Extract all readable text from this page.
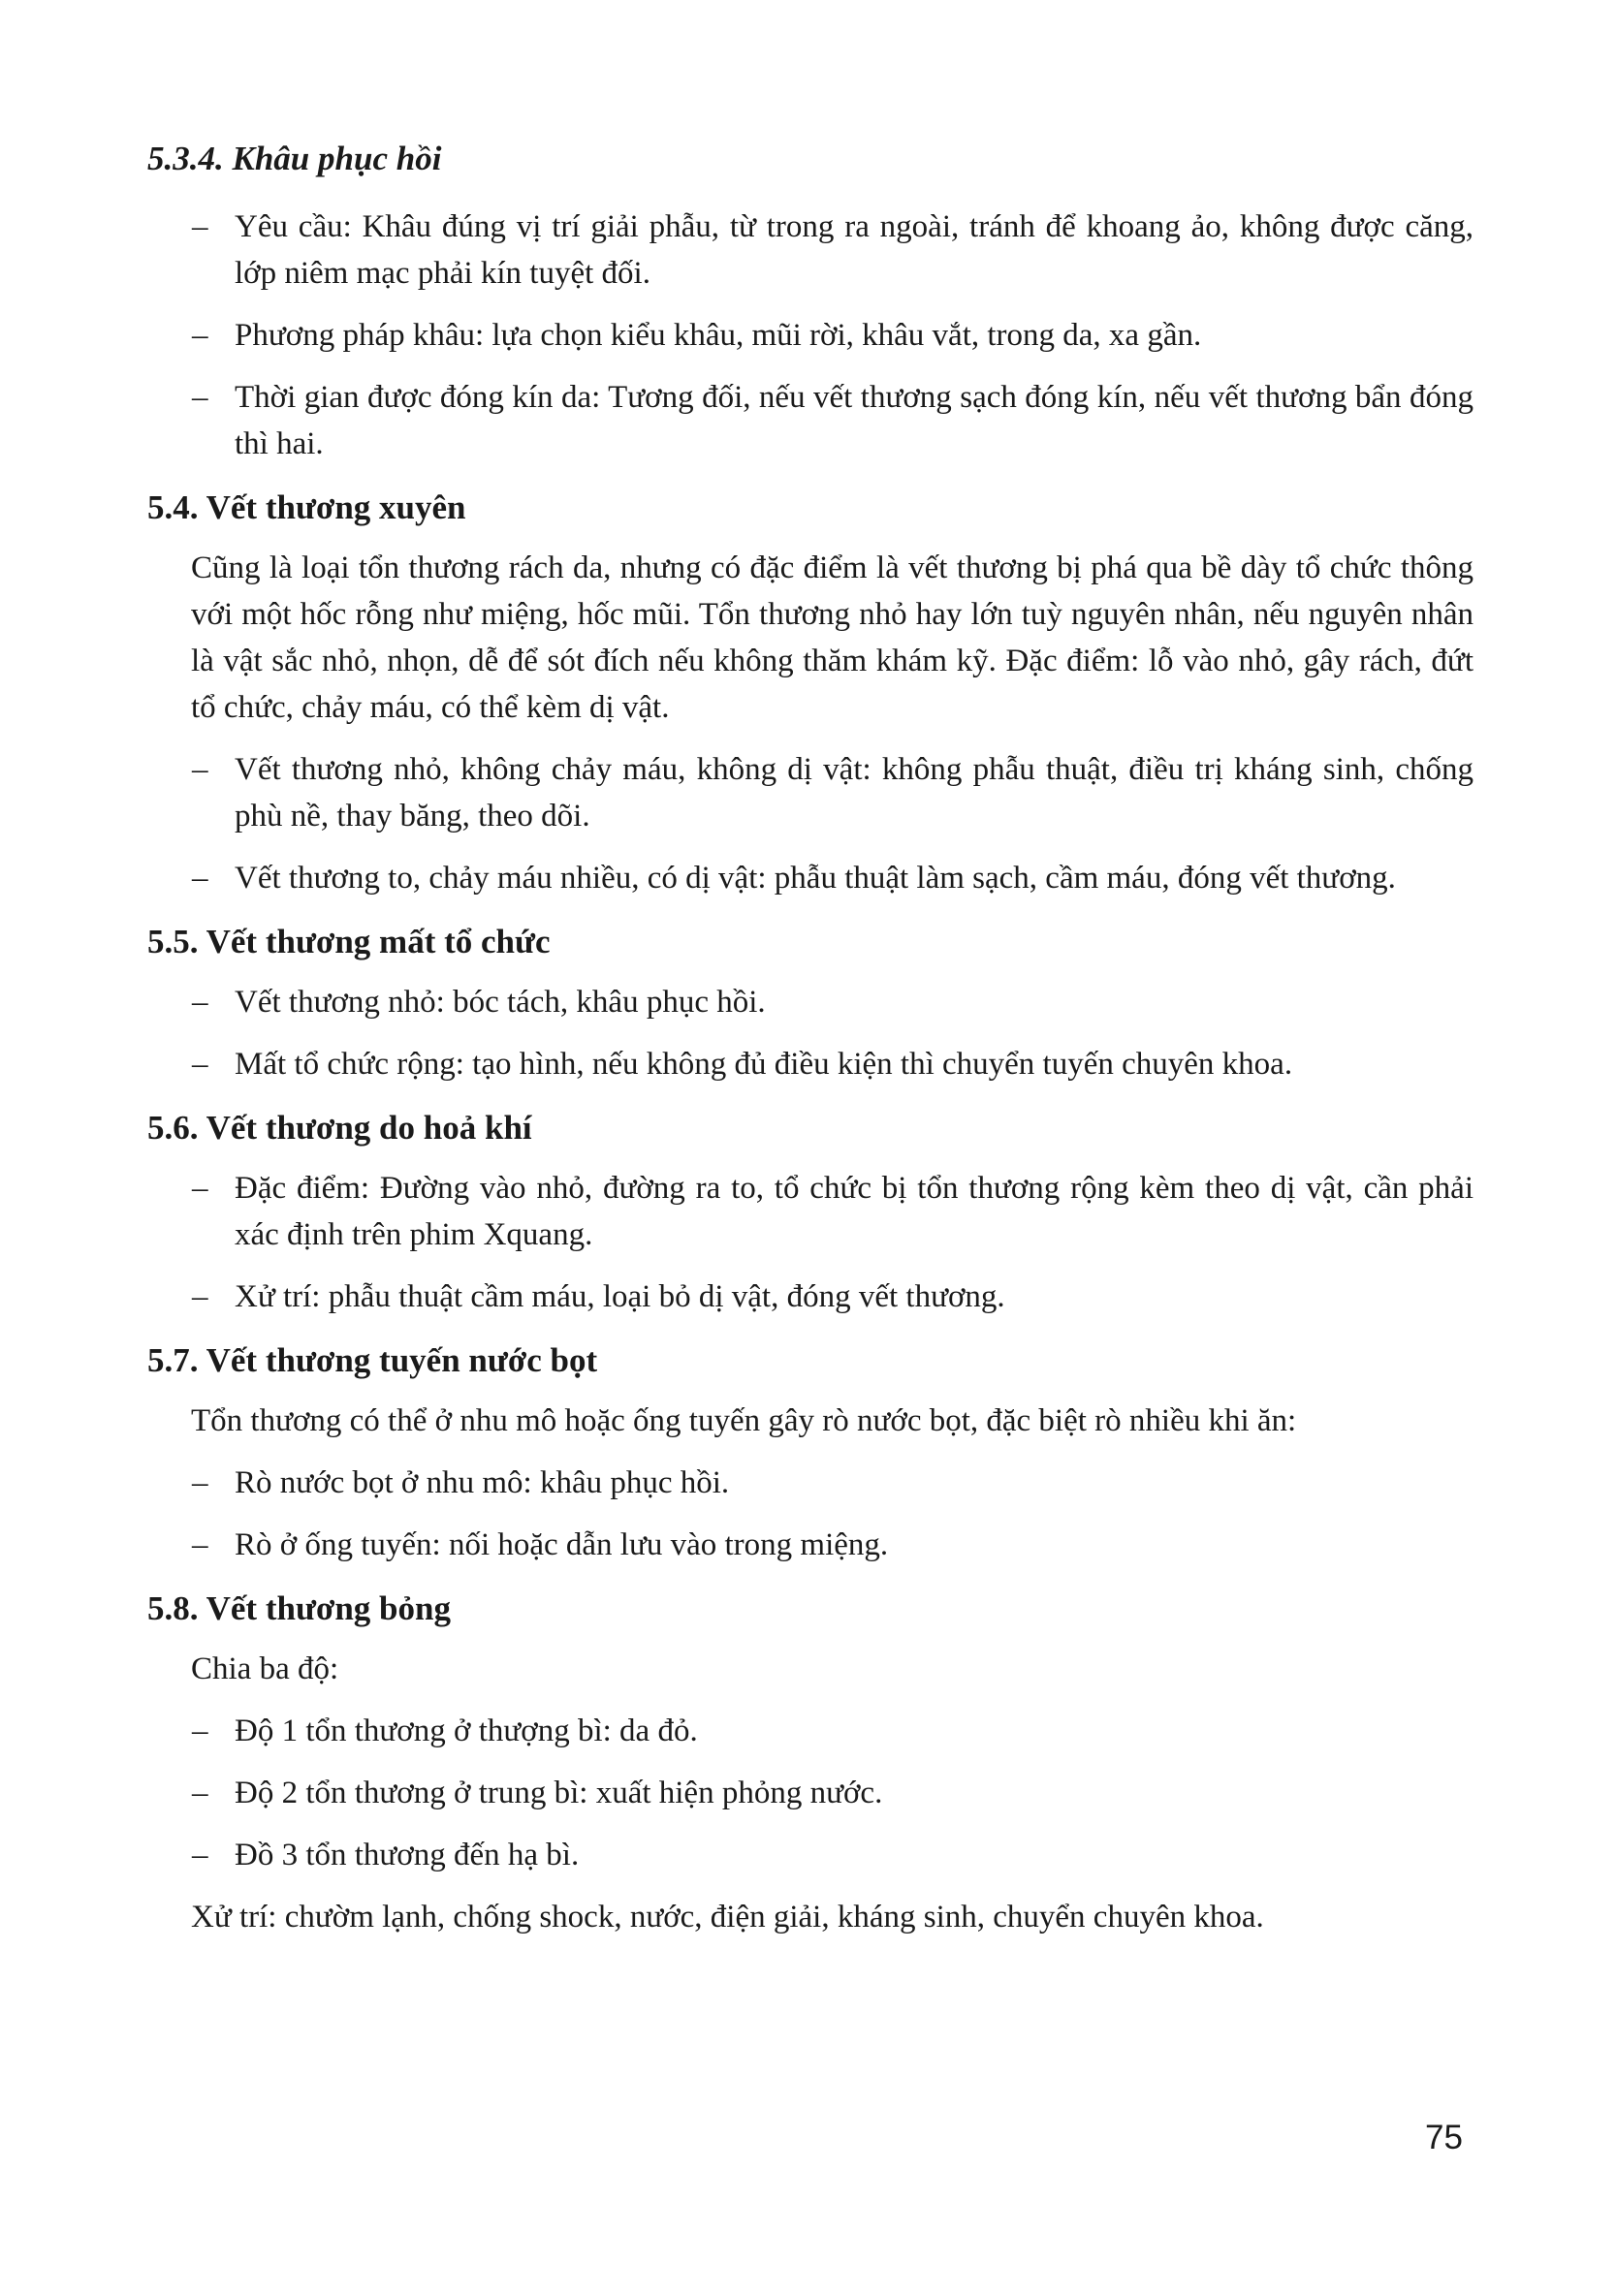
5.3.4. Khâu phục hồi
– Yêu cầu: Khâu đúng vị trí giải phẫu, từ trong ra ngoài, tránh để khoang ảo, không được căng, lớp niêm mạc phải kín tuyệt đối.
– Phương pháp khâu: lựa chọn kiểu khâu, mũi rời, khâu vắt, trong da, xa gần.
– Thời gian được đóng kín da: Tương đối, nếu vết thương sạch đóng kín, nếu vết thương bẩn đóng thì hai.
5.4. Vết thương xuyên
Cũng là loại tổn thương rách da, nhưng có đặc điểm là vết thương bị phá qua bề dày tổ chức thông với một hốc rỗng như miệng, hốc mũi. Tổn thương nhỏ hay lớn tuỳ nguyên nhân, nếu nguyên nhân là vật sắc nhỏ, nhọn, dễ để sót đích nếu không thăm khám kỹ. Đặc điểm: lỗ vào nhỏ, gây rách, đứt tổ chức, chảy máu, có thể kèm dị vật.
– Vết thương nhỏ, không chảy máu, không dị vật: không phẫu thuật, điều trị kháng sinh, chống phù nề, thay băng, theo dõi.
– Vết thương to, chảy máu nhiều, có dị vật: phẫu thuật làm sạch, cầm máu, đóng vết thương.
5.5. Vết thương mất tổ chức
– Vết thương nhỏ: bóc tách, khâu phục hồi.
– Mất tổ chức rộng: tạo hình, nếu không đủ điều kiện thì chuyển tuyến chuyên khoa.
5.6. Vết thương do hoả khí
– Đặc điểm: Đường vào nhỏ, đường ra to, tổ chức bị tổn thương rộng kèm theo dị vật, cần phải xác định trên phim Xquang.
– Xử trí: phẫu thuật cầm máu, loại bỏ dị vật, đóng vết thương.
5.7. Vết thương tuyến nước bọt
Tổn thương có thể ở nhu mô hoặc ống tuyến gây rò nước bọt, đặc biệt rò nhiều khi ăn:
– Rò nước bọt ở nhu mô: khâu phục hồi.
– Rò ở ống tuyến: nối hoặc dẫn lưu vào trong miệng.
5.8. Vết thương bỏng
Chia ba độ:
– Độ 1 tổn thương ở thượng bì: da đỏ.
– Độ 2 tổn thương ở trung bì: xuất hiện phỏng nước.
– Đồ 3 tổn thương đến hạ bì.
Xử trí: chườm lạnh, chống shock, nước, điện giải, kháng sinh, chuyển chuyên khoa.
75
